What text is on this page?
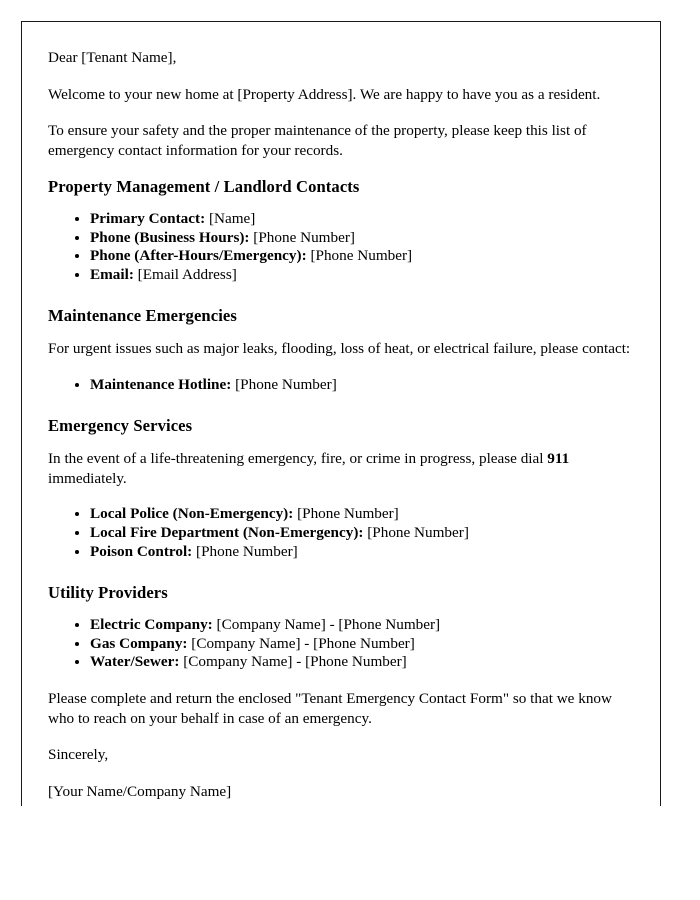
Dear [Tenant Name],

Welcome to your new home at [Property Address]. We are happy to have you as a resident.

To ensure your safety and the proper maintenance of the property, please keep this list of emergency contact information for your records.

Property Management / Landlord Contacts
• Primary Contact: [Name]
• Phone (Business Hours): [Phone Number]
• Phone (After-Hours/Emergency): [Phone Number]
• Email: [Email Address]
Maintenance Emergencies

For urgent issues such as major leaks, flooding, loss of heat, or electrical failure, please contact:

• Maintenance Hotline: [Phone Number]
Emergency Services

In the event of a life-threatening emergency, fire, or crime in progress, please dial 911 immediately.

• Local Police (Non-Emergency): [Phone Number]
• Local Fire Department (Non-Emergency): [Phone Number]
• Poison Control: [Phone Number]
Utility Providers
• Electric Company: [Company Name] - [Phone Number]
• Gas Company: [Company Name] - [Phone Number]
• Water/Sewer: [Company Name] - [Phone Number]

Please complete and return the enclosed "Tenant Emergency Contact Form" so that we know who to reach on your behalf in case of an emergency.

Sincerely,

[Your Name/Company Name]
